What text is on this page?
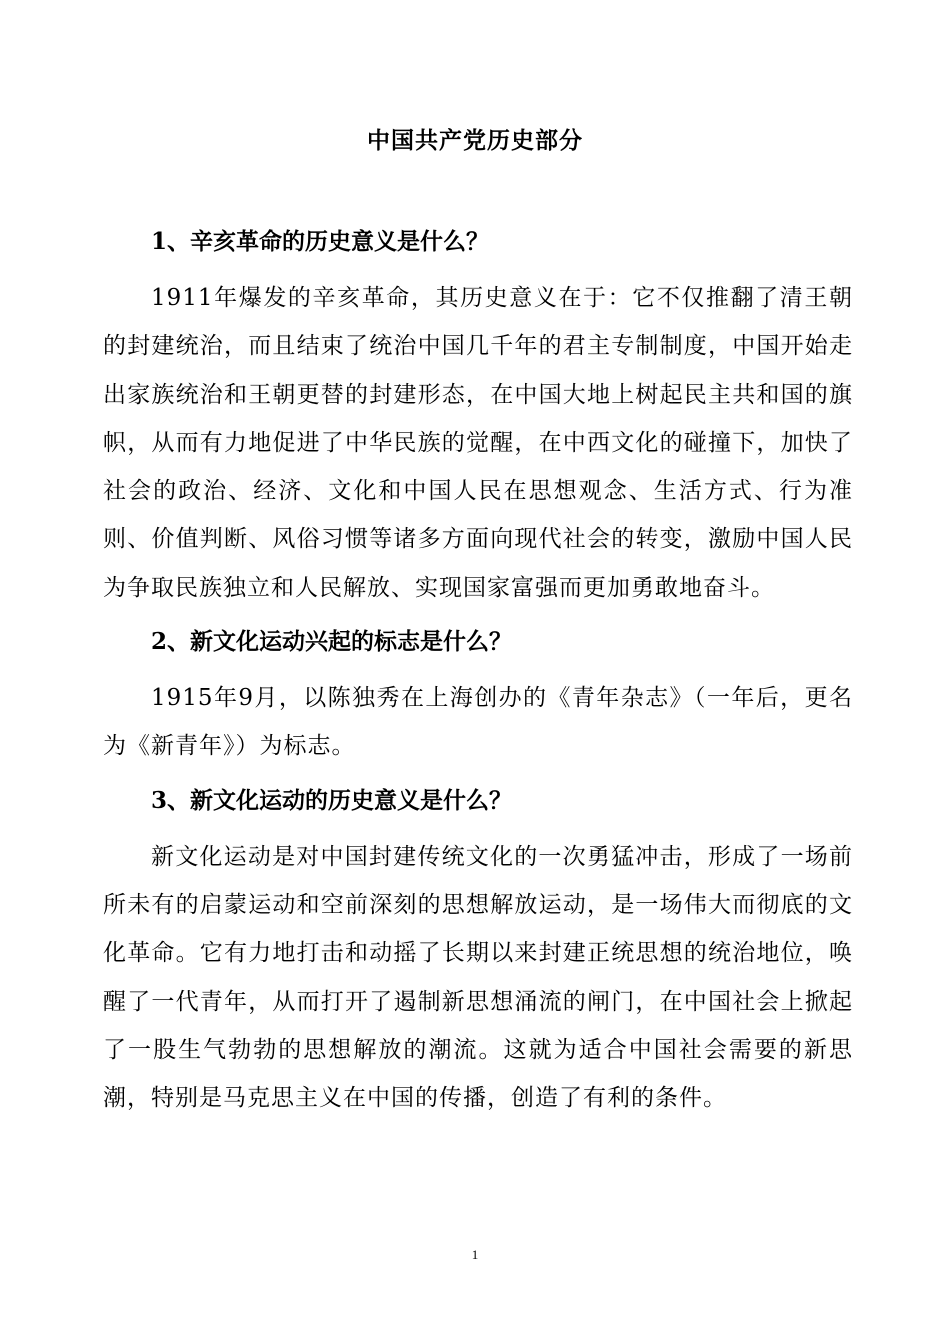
中国共产党历史部分

1、辛亥革命的历史意义是什么？

1911年爆发的辛亥革命，其历史意义在于：它不仅推翻了清王朝的封建统治，而且结束了统治中国几千年的君主专制制度，中国开始走出家族统治和王朝更替的封建形态，在中国大地上树起民主共和国的旗帜，从而有力地促进了中华民族的觉醒，在中西文化的碰撞下，加快了社会的政治、经济、文化和中国人民在思想观念、生活方式、行为准则、价值判断、风俗习惯等诸多方面向现代社会的转变，激励中国人民为争取民族独立和人民解放、实现国家富强而更加勇敢地奋斗。

2、新文化运动兴起的标志是什么？

1915年9月，以陈独秀在上海创办的《青年杂志》（一年后，更名为《新青年》）为标志。

3、新文化运动的历史意义是什么？

新文化运动是对中国封建传统文化的一次勇猛冲击，形成了一场前所未有的启蒙运动和空前深刻的思想解放运动，是一场伟大而彻底的文化革命。它有力地打击和动摇了长期以来封建正统思想的统治地位，唤醒了一代青年，从而打开了遏制新思想涌流的闸门，在中国社会上掀起了一股生气勃勃的思想解放的潮流。这就为适合中国社会需要的新思潮，特别是马克思主义在中国的传播，创造了有利的条件。

1
